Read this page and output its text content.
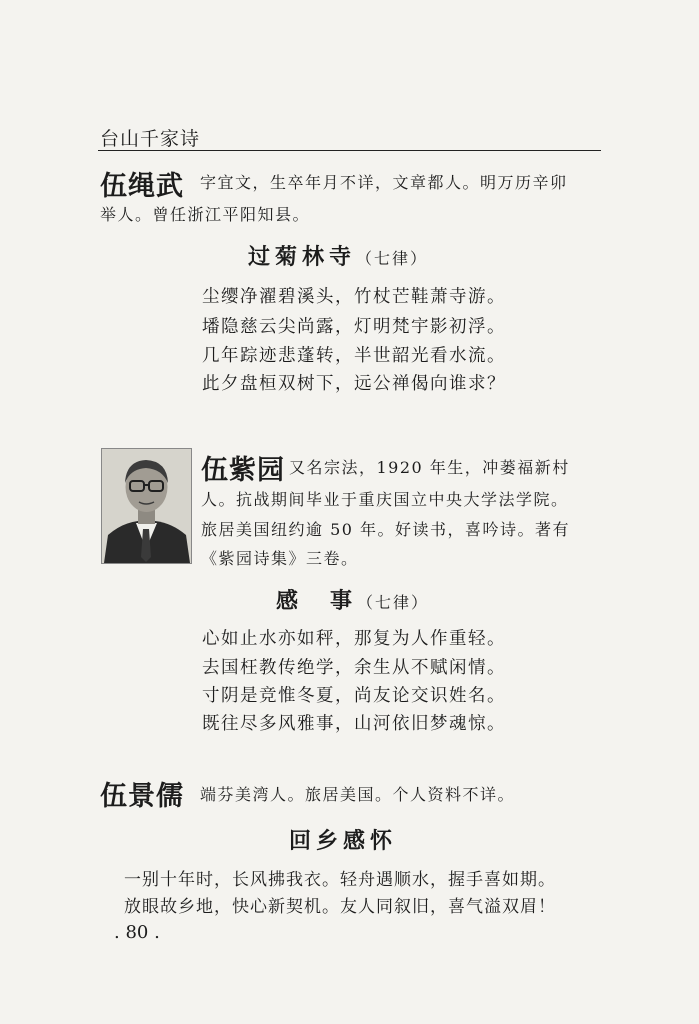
台山千家诗
伍绳武 字宜文，生卒年月不详，文章都人。明万历辛卯
举人。曾任浙江平阳知县。
过菊林寺（七律）
尘缨净濯碧溪头，竹杖芒鞋萧寺游。
墦隐慈云尖尚露，灯明梵宇影初浮。
几年踪迹悲蓬转，半世韶光看水流。
此夕盘桓双树下，远公禅偈向谁求？
伍紫园 又名宗法，1920 年生，冲蒌福新村
人。抗战期间毕业于重庆国立中央大学法学院。
旅居美国纽约逾 50 年。好读书，喜吟诗。著有
《紫园诗集》三卷。
感　事（七律）
心如止水亦如秤，那复为人作重轻。
去国枉教传绝学，余生从不赋闲情。
寸阴是竞惟冬夏，尚友论交识姓名。
既往尽多风雅事，山河依旧梦魂惊。
伍景儒 端芬美湾人。旅居美国。个人资料不详。
回乡感怀
一别十年时，长风拂我衣。轻舟遇顺水，握手喜如期。
放眼故乡地，快心新契机。友人同叙旧，喜气溢双眉！
. 80 .
